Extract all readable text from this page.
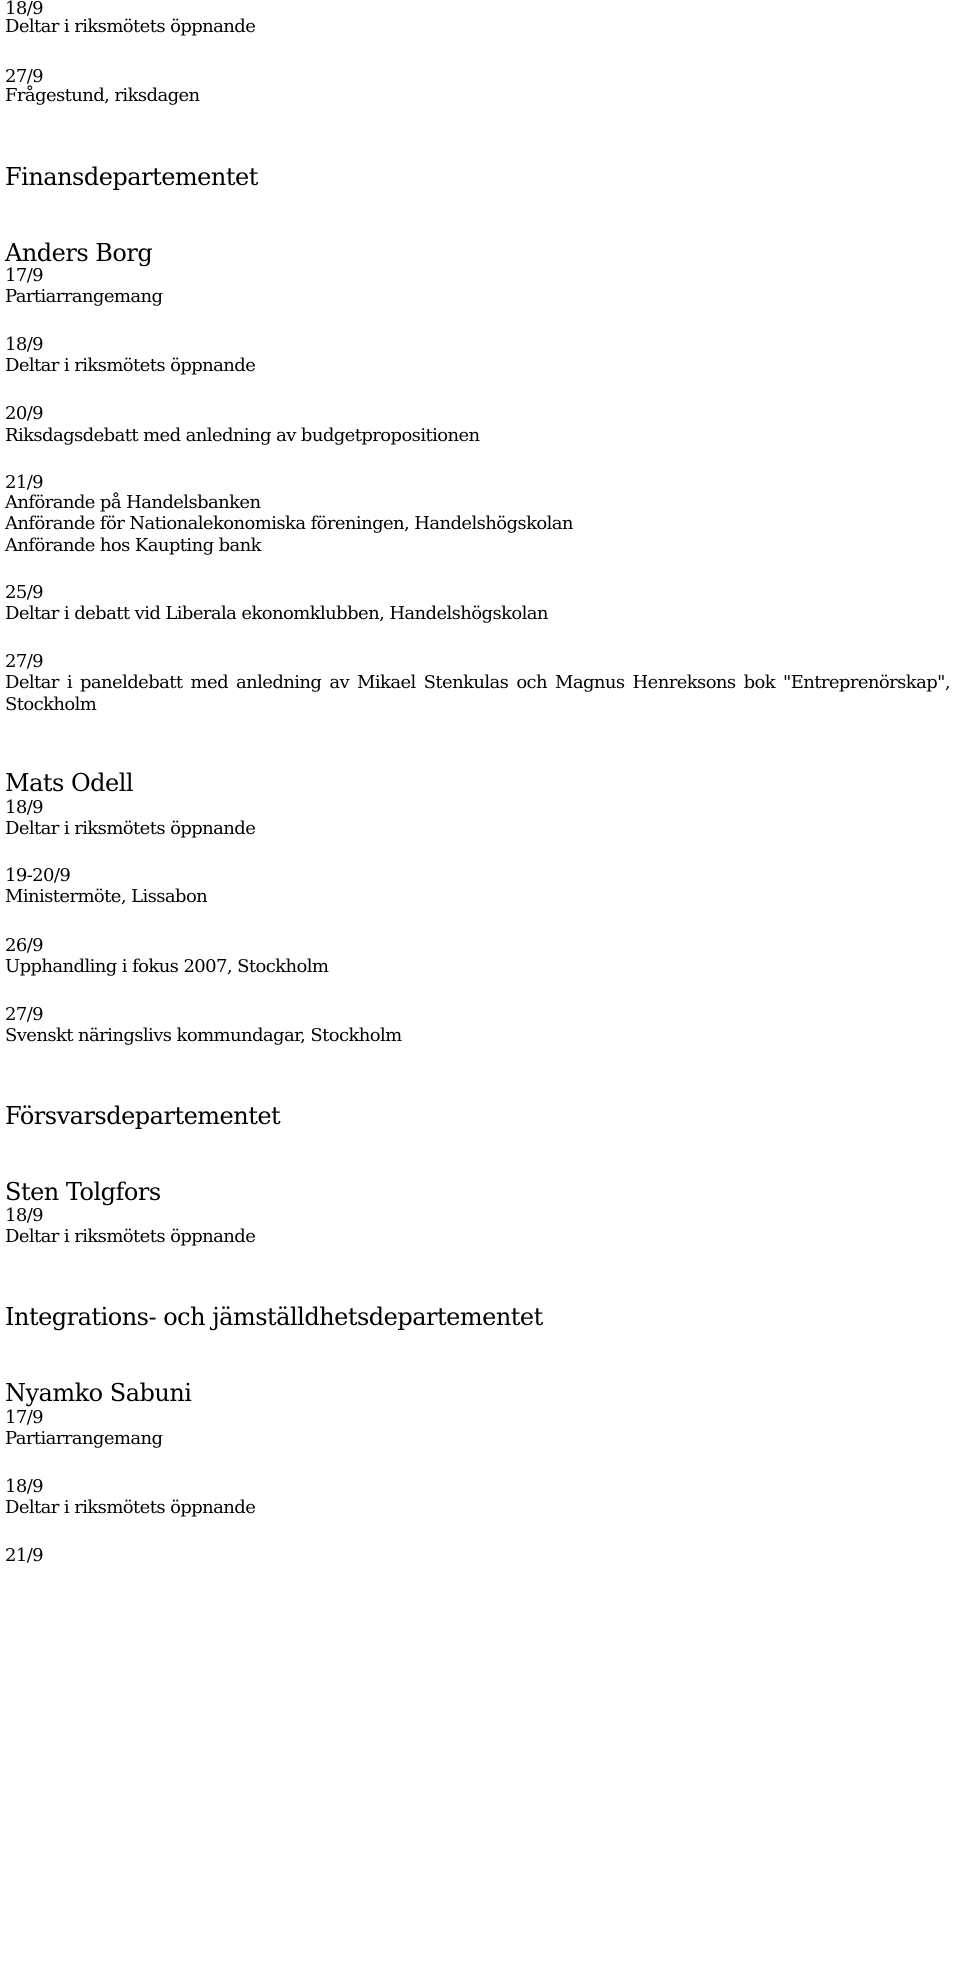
18/9
Deltar i riksmötets öppnande
27/9
Frågestund, riksdagen
Finansdepartementet
Anders Borg
17/9
Partiarrangemang
18/9
Deltar i riksmötets öppnande
20/9
Riksdagsdebatt med anledning av budgetpropositionen
21/9
Anförande på Handelsbanken
Anförande för Nationalekonomiska föreningen, Handelshögskolan
Anförande hos Kaupting bank
25/9
Deltar i debatt vid Liberala ekonomklubben, Handelshögskolan
27/9
Deltar i paneldebatt med anledning av Mikael Stenkulas och Magnus Henreksons bok "Entreprenörskap",
Stockholm
Mats Odell
18/9
Deltar i riksmötets öppnande
19-20/9
Ministermöte, Lissabon
26/9
Upphandling i fokus 2007, Stockholm
27/9
Svenskt näringslivs kommundagar, Stockholm
Försvarsdepartementet
Sten Tolgfors
18/9
Deltar i riksmötets öppnande
Integrations- och jämställdhetsdepartementet
Nyamko Sabuni
17/9
Partiarrangemang
18/9
Deltar i riksmötets öppnande
21/9
